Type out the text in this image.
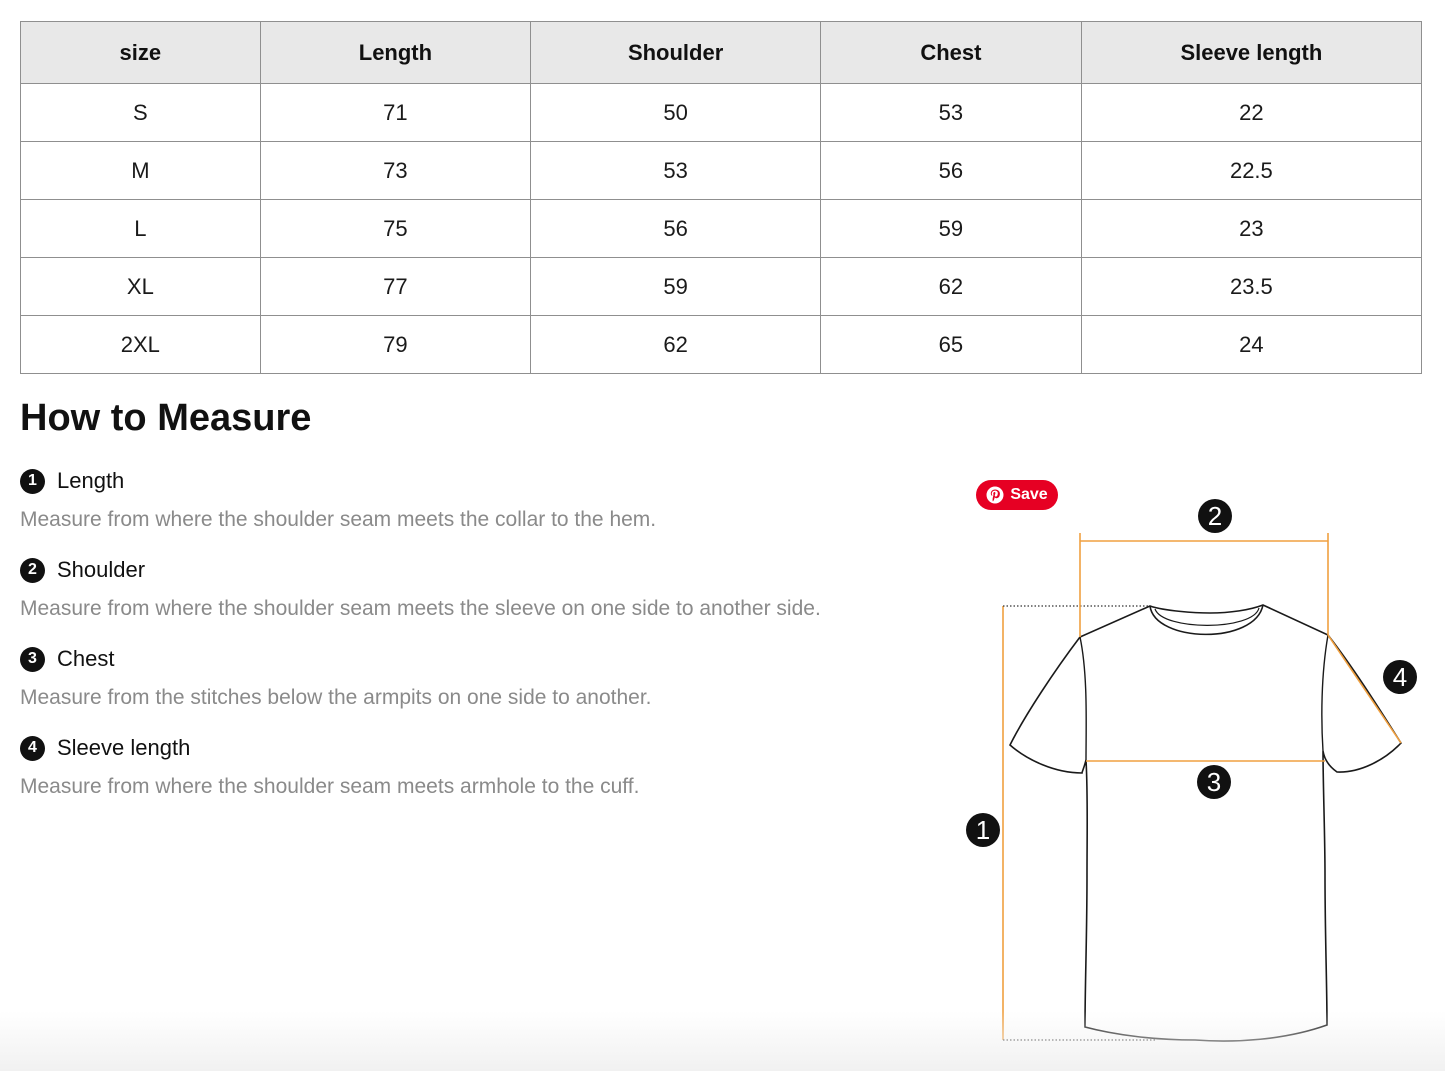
size	Length	Shoulder	Chest	Sleeve length
S	71	50	53	22
M	73	53	56	22.5
L	75	56	59	23
XL	77	59	62	23.5
2XL	79	62	65	24
How to Measure
1 Length
Measure from where the shoulder seam meets the collar to the hem.
2 Shoulder
Measure from where the shoulder seam meets the sleeve on one side to another side.
3 Chest
Measure from the stitches below the armpits on one side to another.
4 Sleeve length
Measure from where the shoulder seam meets armhole to the cuff.
1
2
3
4
Save
